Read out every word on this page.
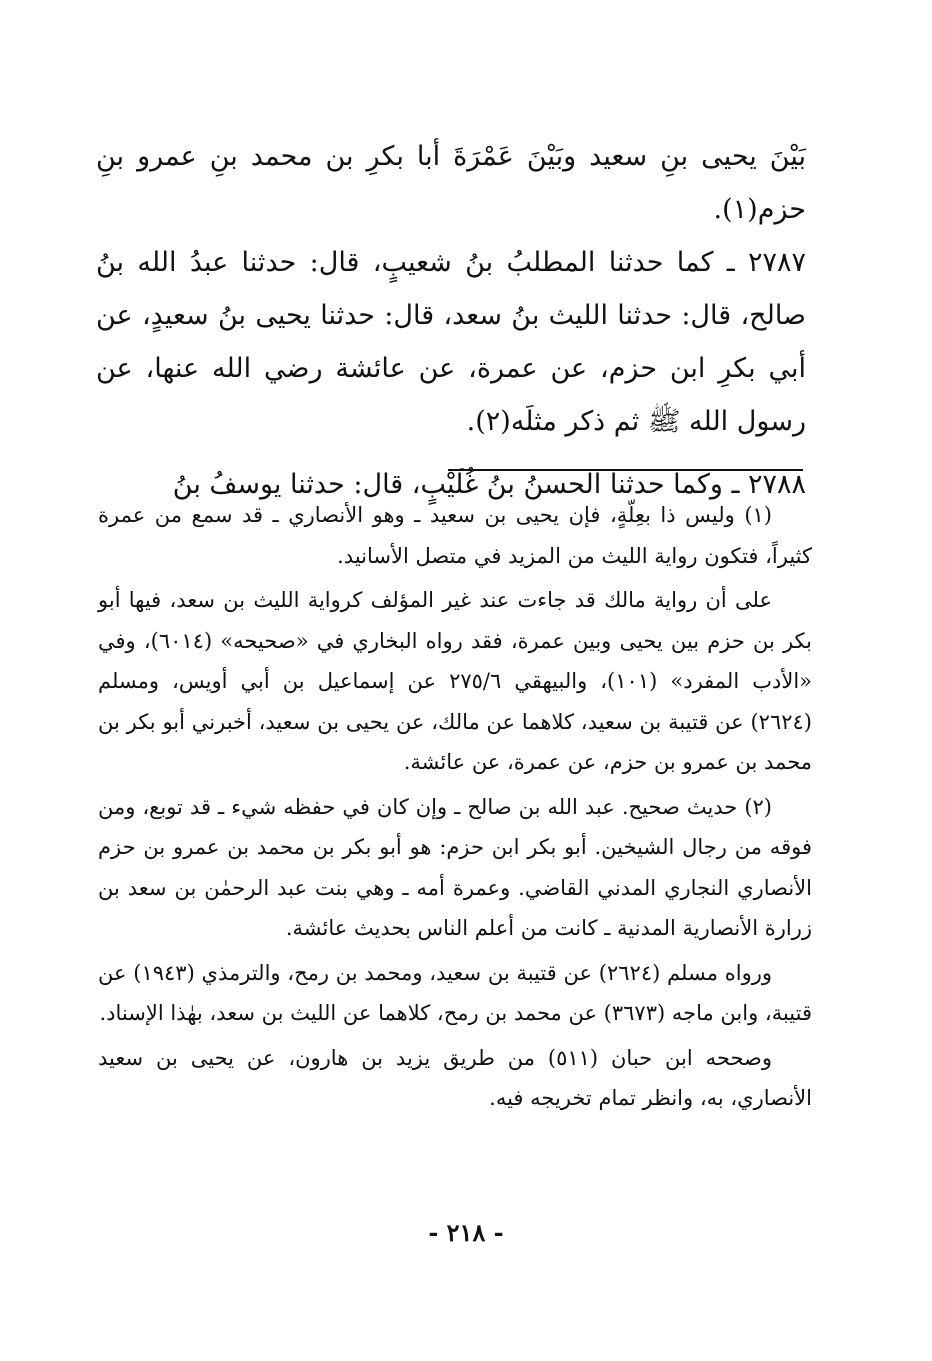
بَيْنَ يحيى بنِ سعيد وبَيْنَ عَمْرَةَ أبا بكرِ بن محمد بنِ عمرو بنِ حزم(١).

٢٧٨٧ ـ كما حدثنا المطلبُ بنُ شعيبٍ، قال: حدثنا عبدُ الله بنُ صالح، قال: حدثنا الليث بنُ سعد، قال: حدثنا يحيى بنُ سعيدٍ، عن أبي بكرِ ابن حزم، عن عمرة، عن عائشة رضي الله عنها، عن رسول الله ﷺ ثم ذكر مثلَه(٢).

٢٧٨٨ ـ وكما حدثنا الحسنُ بنُ غُلَيْبٍ، قال: حدثنا يوسفُ بنُ

(١) وليس ذا بعِلّةٍ، فإن يحيى بن سعيد ـ وهو الأنصاري ـ قد سمع من عمرة كثيراً، فتكون رواية الليث من المزيد في متصل الأسانيد.

على أن رواية مالك قد جاءت عند غير المؤلف كرواية الليث بن سعد، فيها أبو بكر بن حزم بين يحيى وبين عمرة، فقد رواه البخاري في «صحيحه» (٦٠١٤)، وفي «الأدب المفرد» (١٠١)، والبيهقي ٢٧٥/٦ عن إسماعيل بن أبي أويس، ومسلم (٢٦٢٤) عن قتيبة بن سعيد، كلاهما عن مالك، عن يحيى بن سعيد، أخبرني أبو بكر بن محمد بن عمرو بن حزم، عن عمرة، عن عائشة.

(٢) حديث صحيح. عبد الله بن صالح ـ وإن كان في حفظه شيء ـ قد توبع، ومن فوقه من رجال الشيخين. أبو بكر ابن حزم: هو أبو بكر بن محمد بن عمرو بن حزم الأنصاري النجاري المدني القاضي. وعمرة أمه ـ وهي بنت عبد الرحمٰن بن سعد بن زرارة الأنصارية المدنية ـ كانت من أعلم الناس بحديث عائشة.

ورواه مسلم (٢٦٢٤) عن قتيبة بن سعيد، ومحمد بن رمح، والترمذي (١٩٤٣) عن قتيبة، وابن ماجه (٣٦٧٣) عن محمد بن رمح، كلاهما عن الليث بن سعد، بهٰذا الإسناد.

وصححه ابن حبان (٥١١) من طريق يزيد بن هارون، عن يحيى بن سعيد الأنصاري، به، وانظر تمام تخريجه فيه.

- ٢١٨ -
